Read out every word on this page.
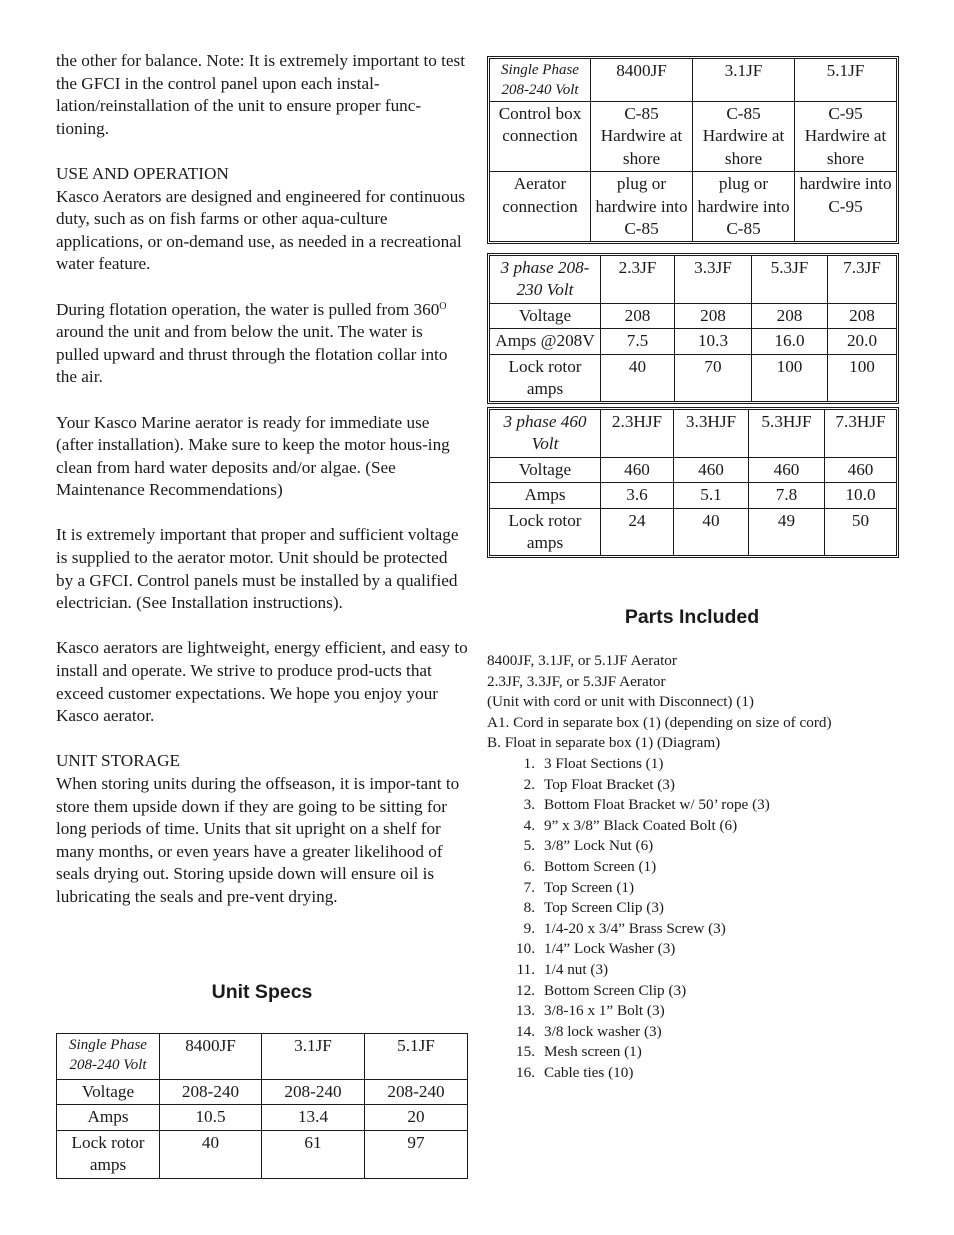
the other for balance. Note: It is extremely important to test the GFCI in the control panel upon each instal-lation/reinstallation of the unit to ensure proper func-tioning.

USE AND OPERATION
Kasco Aerators are designed and engineered for continuous duty, such as on fish farms or other aqua-culture applications, or on-demand use, as needed in a recreational water feature.

During flotation operation, the water is pulled from $360^O$ around the unit and from below the unit. The water is pulled upward and thrust through the flotation collar into the air.

Your Kasco Marine aerator is ready for immediate use (after installation). Make sure to keep the motor hous-ing clean from hard water deposits and/or algae. (See Maintenance Recommendations)

It is extremely important that proper and sufficient voltage is supplied to the aerator motor. Unit should be protected by a GFCI. Control panels must be installed by a qualified electrician. (See Installation instructions).

Kasco aerators are lightweight, energy efficient, and easy to install and operate. We strive to produce prod-ucts that exceed customer expectations. We hope you enjoy your Kasco aerator.

UNIT STORAGE
When storing units during the offseason, it is impor-tant to store them upside down if they are going to be sitting for long periods of time. Units that sit upright on a shelf for many months, or even years have a greater likelihood of seals drying out. Storing upside down will ensure oil is lubricating the seals and pre-vent drying.

Unit Specs
Single Phase 208-240 Volt	8400JF	3.1JF	5.1JF
Voltage	208-240	208-240	208-240
Amps	10.5	13.4	20
Lock rotor amps	40	61	97
Single Phase 208-240 Volt	8400JF	3.1JF	5.1JF
Control box connection	C-85 Hardwire at shore	C-85 Hardwire at shore	C-95 Hardwire at shore
Aerator connection	plug or hardwire into C-85	plug or hardwire into C-85	hardwire into C-95
3 phase 208-230 Volt	2.3JF	3.3JF	5.3JF	7.3JF
Voltage	208	208	208	208
Amps @208V	7.5	10.3	16.0	20.0
Lock rotor amps	40	70	100	100
3 phase 460 Volt	2.3HJF	3.3HJF	5.3HJF	7.3HJF
Voltage	460	460	460	460
Amps	3.6	5.1	7.8	10.0
Lock rotor amps	24	40	49	50
Parts Included
8400JF, 3.1JF, or 5.1JF Aerator
2.3JF, 3.3JF, or 5.3JF Aerator
(Unit with cord or unit with Disconnect) (1)
A1. Cord in separate box (1) (depending on size of cord)
B. Float in separate box (1) (Diagram)
1. 3 Float Sections (1)
2. Top Float Bracket (3)
3. Bottom Float Bracket w/ 50’ rope (3)
4. 9” x 3/8” Black Coated Bolt (6)
5. 3/8” Lock Nut (6)
6. Bottom Screen (1)
7. Top Screen (1)
8. Top Screen Clip (3)
9. 1/4-20 x 3/4” Brass Screw (3)
10. 1/4” Lock Washer (3)
11. 1/4 nut (3)
12. Bottom Screen Clip (3)
13. 3/8-16 x 1” Bolt (3)
14. 3/8 lock washer (3)
15. Mesh screen (1)
16. Cable ties (10)
